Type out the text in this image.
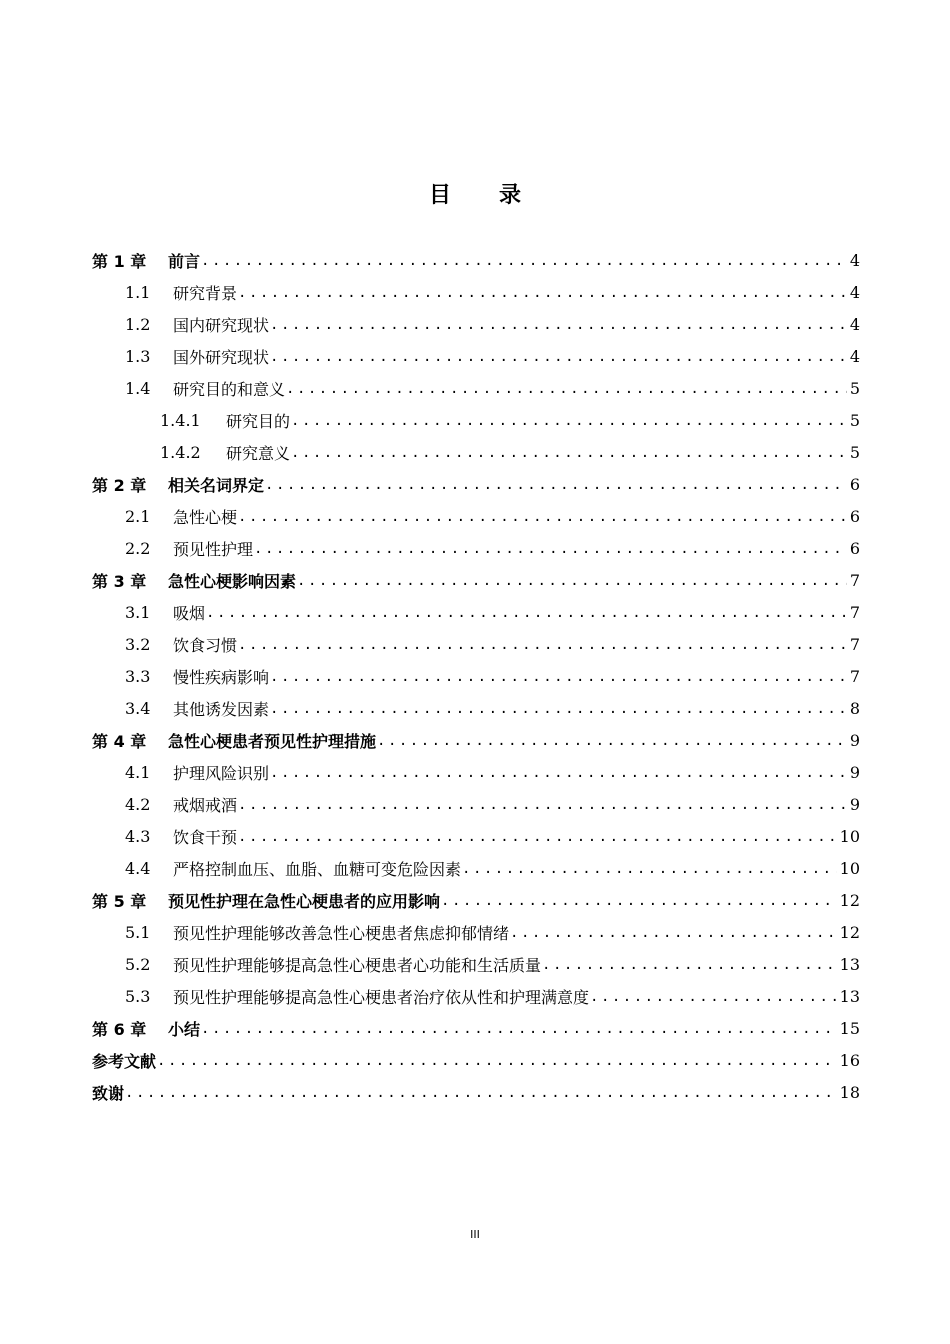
目 录
第 1 章	前言 .....	4
1.1	研究背景 .....	4
1.2	国内研究现状 .....	4
1.3	国外研究现状 .....	4
1.4	研究目的和意义 .....	5
1.4.1	研究目的 .....	5
1.4.2	研究意义 .....	5
第 2 章	相关名词界定 .....	6
2.1	急性心梗 .....	6
2.2	预见性护理 .....	6
第 3 章	急性心梗影响因素 .....	7
3.1	吸烟 .....	7
3.2	饮食习惯 .....	7
3.3	慢性疾病影响 .....	7
3.4	其他诱发因素 .....	8
第 4 章	急性心梗患者预见性护理措施 .....	9
4.1	护理风险识别 .....	9
4.2	戒烟戒酒 .....	9
4.3	饮食干预 .....	10
4.4	严格控制血压、血脂、血糖可变危险因素 .....	10
第 5 章	预见性护理在急性心梗患者的应用影响 .....	12
5.1	预见性护理能够改善急性心梗患者焦虑抑郁情绪 .....	12
5.2	预见性护理能够提高急性心梗患者心功能和生活质量 .....	13
5.3	预见性护理能够提高急性心梗患者治疗依从性和护理满意度 .....	13
第 6 章	小结 .....	15
参考文献 .....	16
致谢 .....	18
III
